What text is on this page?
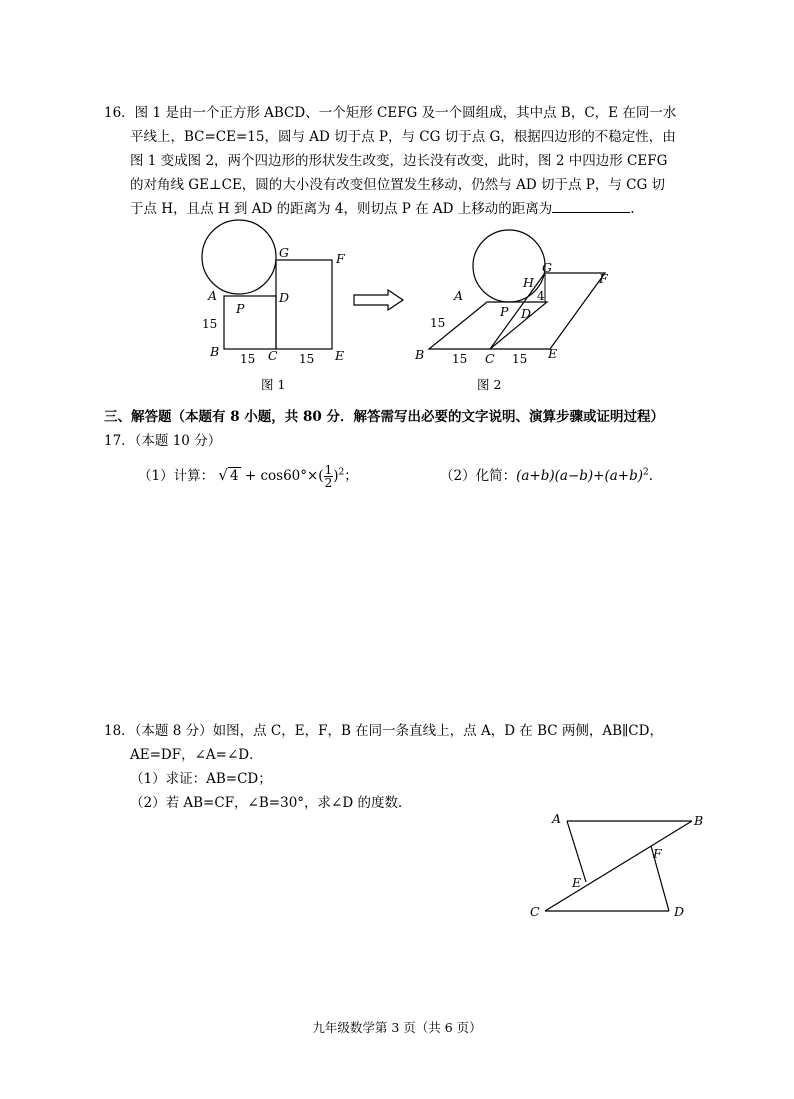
16．图 1 是由一个正方形 ABCD、一个矩形 CEFG 及一个圆组成，其中点 B，C，E 在同一水
平线上，BC=CE=15，圆与 AD 切于点 P，与 CG 切于点 G，根据四边形的不稳定性，由
图 1 变成图 2，两个四边形的形状发生改变，边长没有改变，此时，图 2 中四边形 CEFG
的对角线 GE⊥CE，圆的大小没有改变但位置发生移动，仍然与 AD 切于点 P，与 CG 切
于点 H，且点 H 到 AD 的距离为 4，则切点 P 在 AD 上移动的距离为	.
A
B	C
D
E
F
G
P
15
15	15
图 1
A
B	C
D
E
F
G
H
P
15
15	15
4
图 2
三、解答题（本题有 8 小题，共 80 分．解答需写出必要的文字说明、演算步骤或证明过程）
17．（本题 10 分）
（1）计算： √ $4 + \cos 60^\circ\times( \frac{1}{2} )^2$；	（2）化简：$(a+b)(a-b)+(a+b)^2$.
18．（本题 8 分）如图，点 C，E，F，B 在同一条直线上，点 A，D 在 BC 两侧，AB∥CD，
AE=DF，∠A=∠D．
（1）求证：AB=CD；
（2）若 AB=CF，∠B=30°，求∠D 的度数．
A	B
C	D
E
F
九年级数学第 3 页（共 6 页）
